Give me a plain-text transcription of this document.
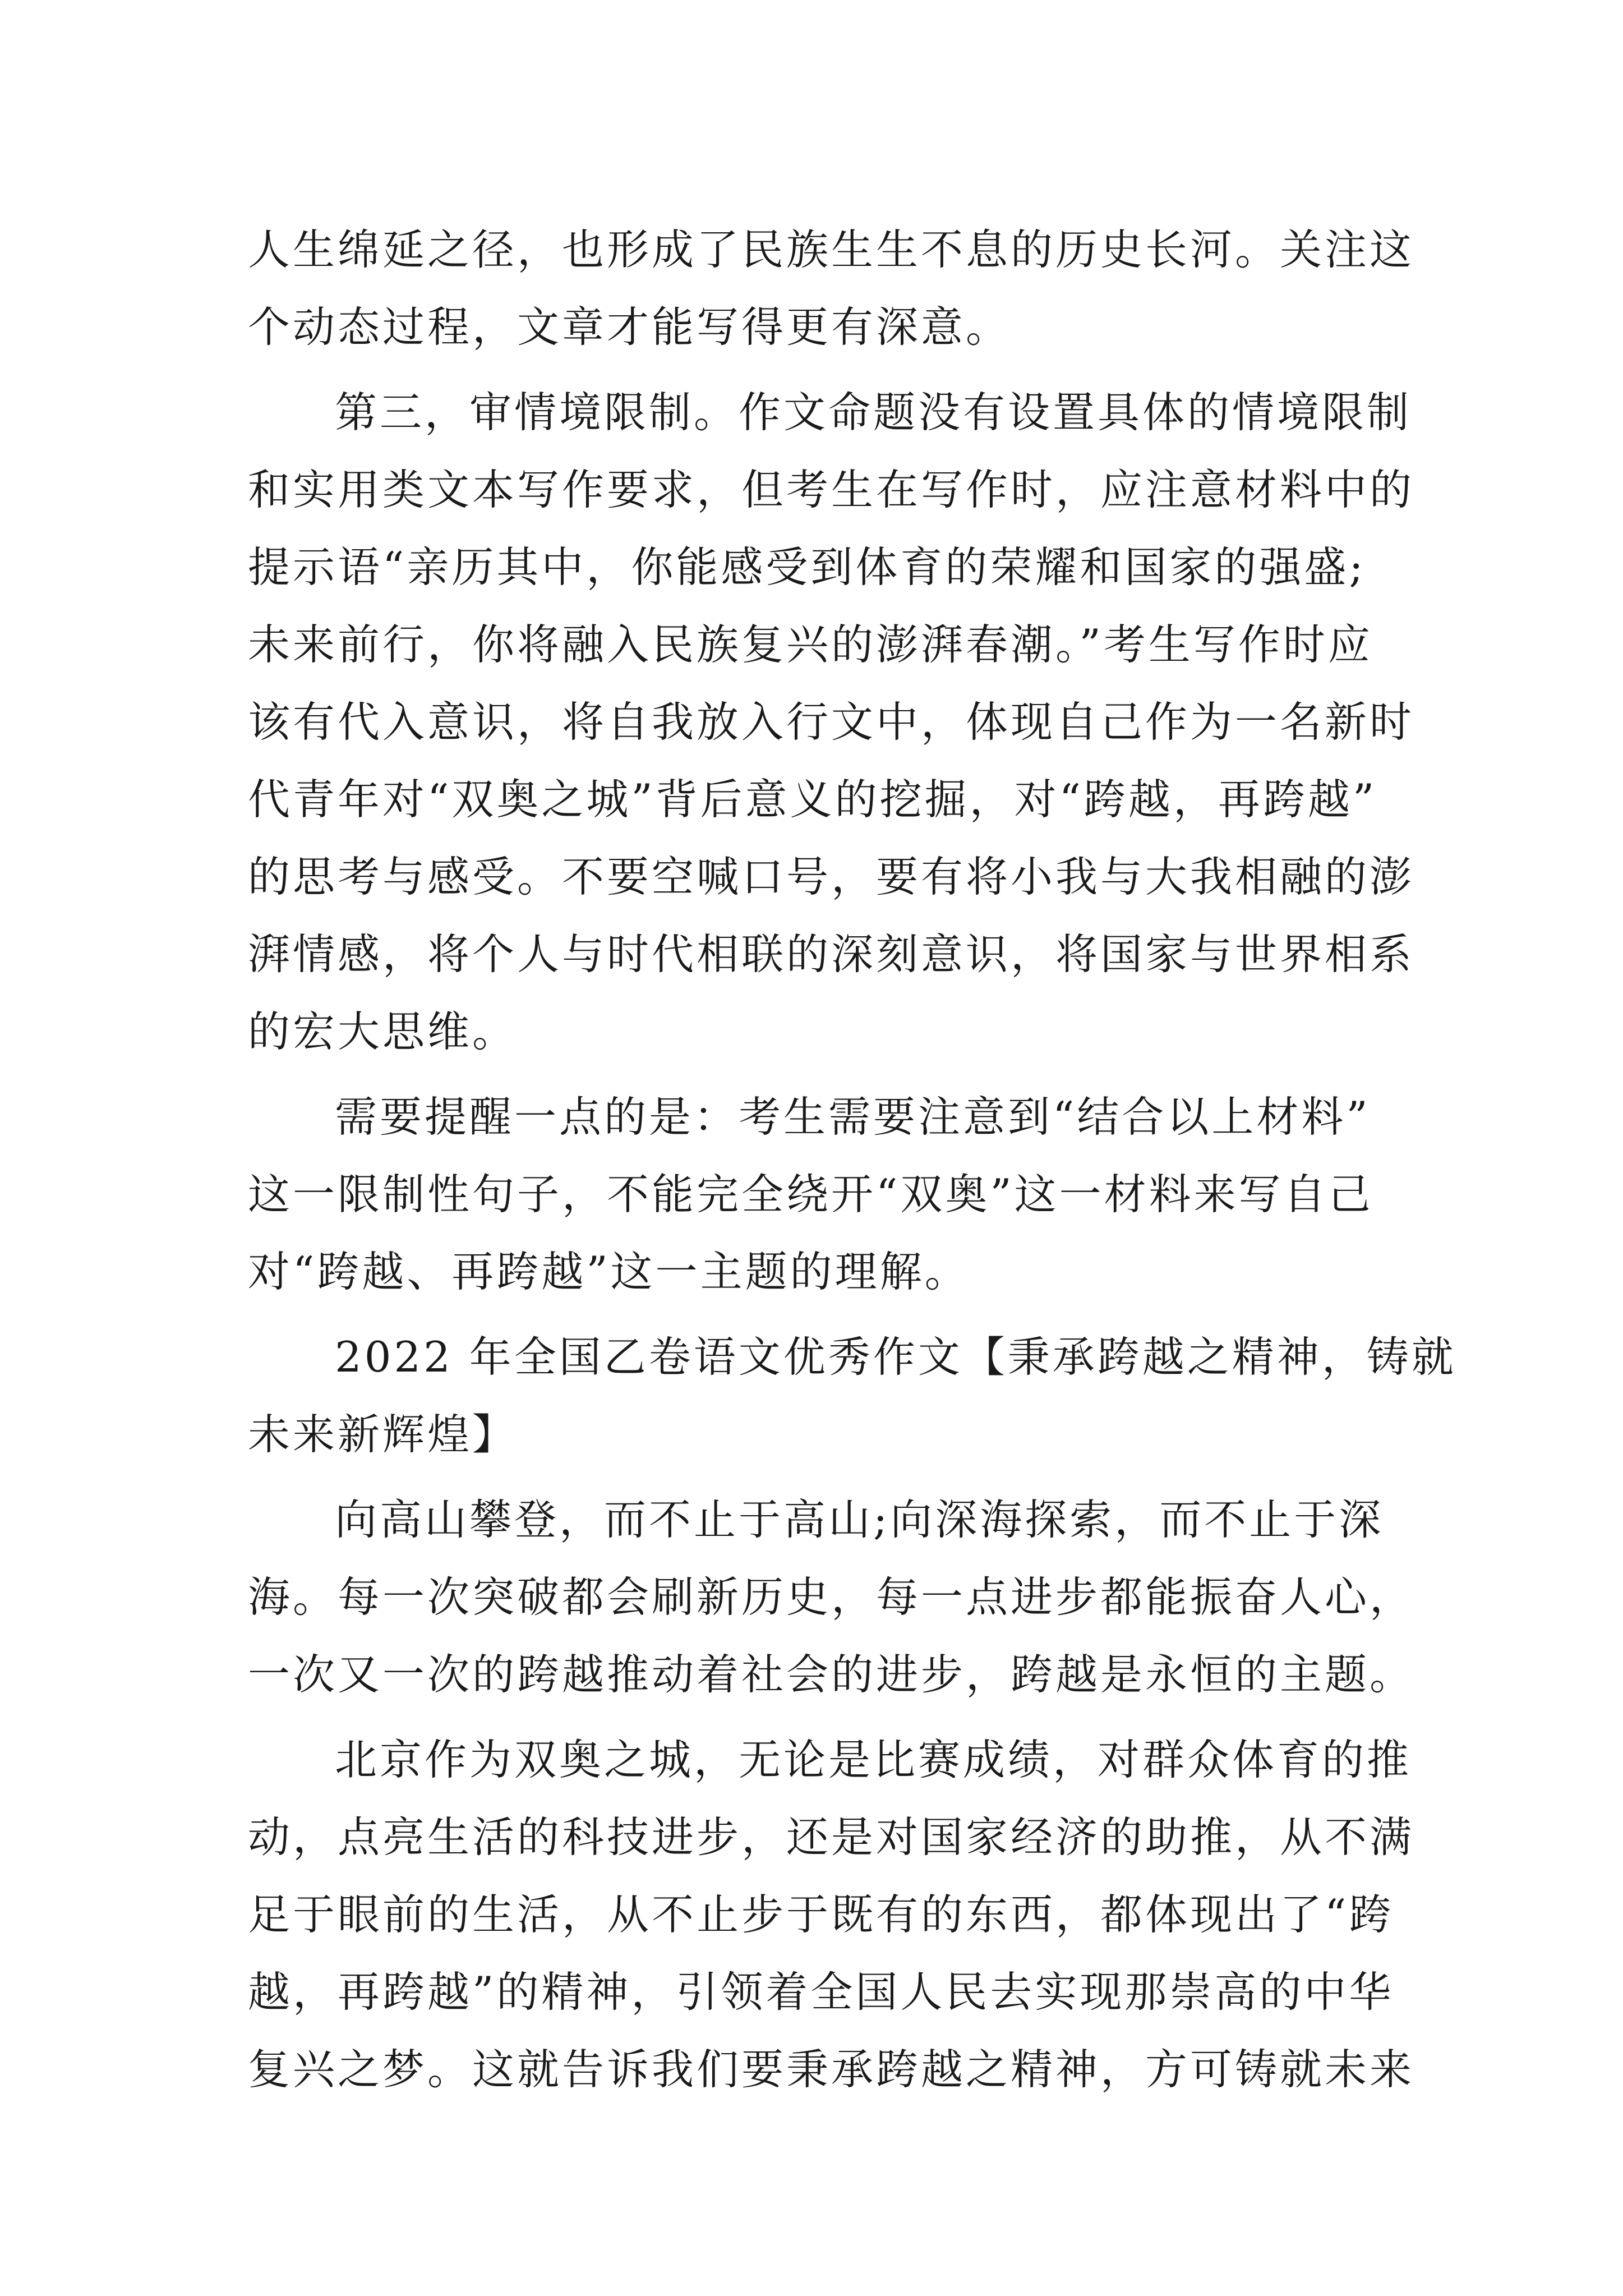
人生绵延之径，也形成了民族生生不息的历史长河。关注这
个动态过程，文章才能写得更有深意。
第三，审情境限制。作文命题没有设置具体的情境限制
和实用类文本写作要求，但考生在写作时，应注意材料中的
提示语“亲历其中，你能感受到体育的荣耀和国家的强盛;
未来前行，你将融入民族复兴的澎湃春潮。”考生写作时应
该有代入意识，将自我放入行文中，体现自己作为一名新时
代青年对“双奥之城”背后意义的挖掘，对“跨越，再跨越”
的思考与感受。不要空喊口号，要有将小我与大我相融的澎
湃情感，将个人与时代相联的深刻意识，将国家与世界相系
的宏大思维。
需要提醒一点的是：考生需要注意到“结合以上材料”
这一限制性句子，不能完全绕开“双奥”这一材料来写自己
对“跨越、再跨越”这一主题的理解。
2022 年全国乙卷语文优秀作文【秉承跨越之精神，铸就
未来新辉煌】
向高山攀登，而不止于高山;向深海探索，而不止于深
海。每一次突破都会刷新历史，每一点进步都能振奋人心，
一次又一次的跨越推动着社会的进步，跨越是永恒的主题。
北京作为双奥之城，无论是比赛成绩，对群众体育的推
动，点亮生活的科技进步，还是对国家经济的助推，从不满
足于眼前的生活，从不止步于既有的东西，都体现出了“跨
越，再跨越”的精神，引领着全国人民去实现那崇高的中华
复兴之梦。这就告诉我们要秉承跨越之精神，方可铸就未来
